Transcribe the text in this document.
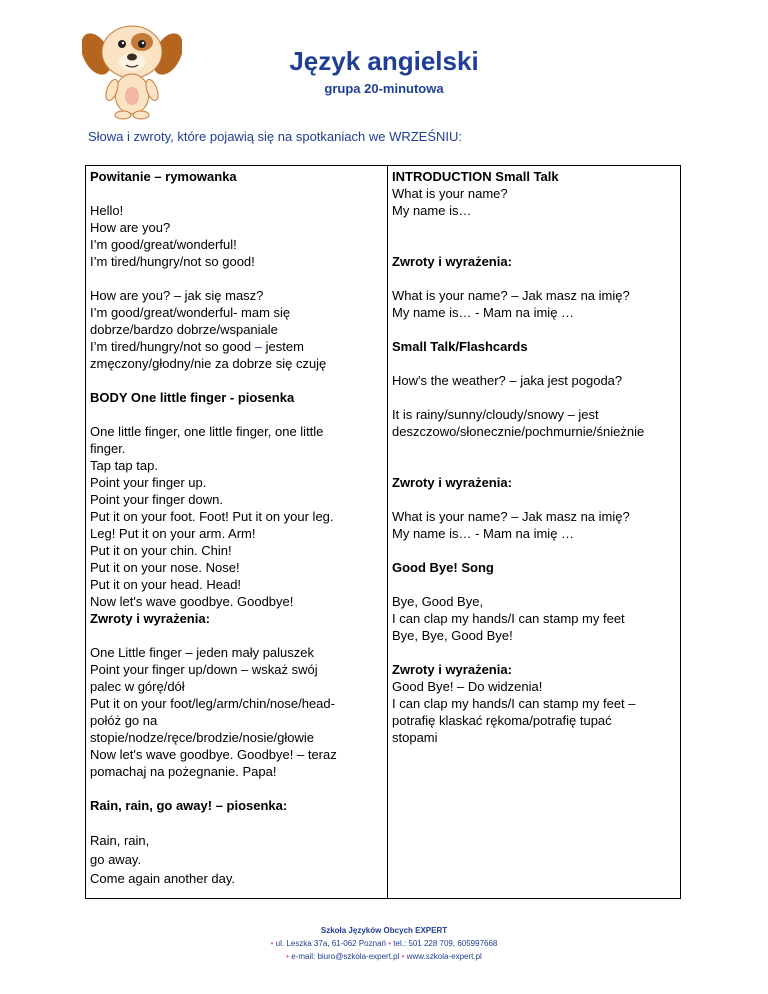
Język angielski
grupa 20-minutowa

Słowa i zwroty, które pojawią się na spotkaniach we WRZEŚNIU:

Powitanie – rymowanka

Hello!
How are you?
I’m good/great/wonderful!
I’m tired/hungry/not so good!
How are you? – jak się masz?
I’m good/great/wonderful- mam się
dobrze/bardzo dobrze/wspaniale
I’m tired/hungry/not so good – jestem
zmęczony/głodny/nie za dobrze się czuję

BODY One little finger - piosenka

One little finger, one little finger, one little
finger.
Tap tap tap.
Point your finger up.
Point your finger down.
Put it on your foot. Foot! Put it on your leg.
Leg! Put it on your arm. Arm!
Put it on your chin. Chin!
Put it on your nose. Nose!
Put it on your head. Head!
Now let's wave goodbye. Goodbye!

Zwroty i wyrażenia:

One Little finger – jeden mały paluszek
Point your finger up/down – wskaż swój
palec w górę/dół
Put it on your foot/leg/arm/chin/nose/head-
połóż go na
stopie/nodze/ręce/brodzie/nosie/głowie
Now let's wave goodbye. Goodbye! – teraz
pomachaj na pożegnanie. Papa!

Rain, rain, go away! – piosenka:

Rain, rain,
go away.
Come again another day.

INTRODUCTION Small Talk

What is your name?
My name is…

Zwroty i wyrażenia:

What is your name? – Jak masz na imię?
My name is… - Mam na imię …

Small Talk/Flashcards

How's the weather? – jaka jest pogoda?
It is rainy/sunny/cloudy/snowy – jest
deszczowo/słonecznie/pochmurnie/śnieżnie

Zwroty i wyrażenia:

What is your name? – Jak masz na imię?
My name is… - Mam na imię …

Good Bye! Song

Bye, Good Bye,
I can clap my hands/I can stamp my feet
Bye, Bye, Good Bye!

Zwroty i wyrażenia:

Good Bye! – Do widzenia!
I can clap my hands/I can stamp my feet –
potrafię klaskać rękoma/potrafię tupać
stopami
Szkoła Języków Obcych EXPERT
• ul. Leszka 37a, 61-062 Poznań • tel.: 501 228 709, 605997668
• e-mail: biuro@szkola-expert.pl • www.szkola-expert.pl
